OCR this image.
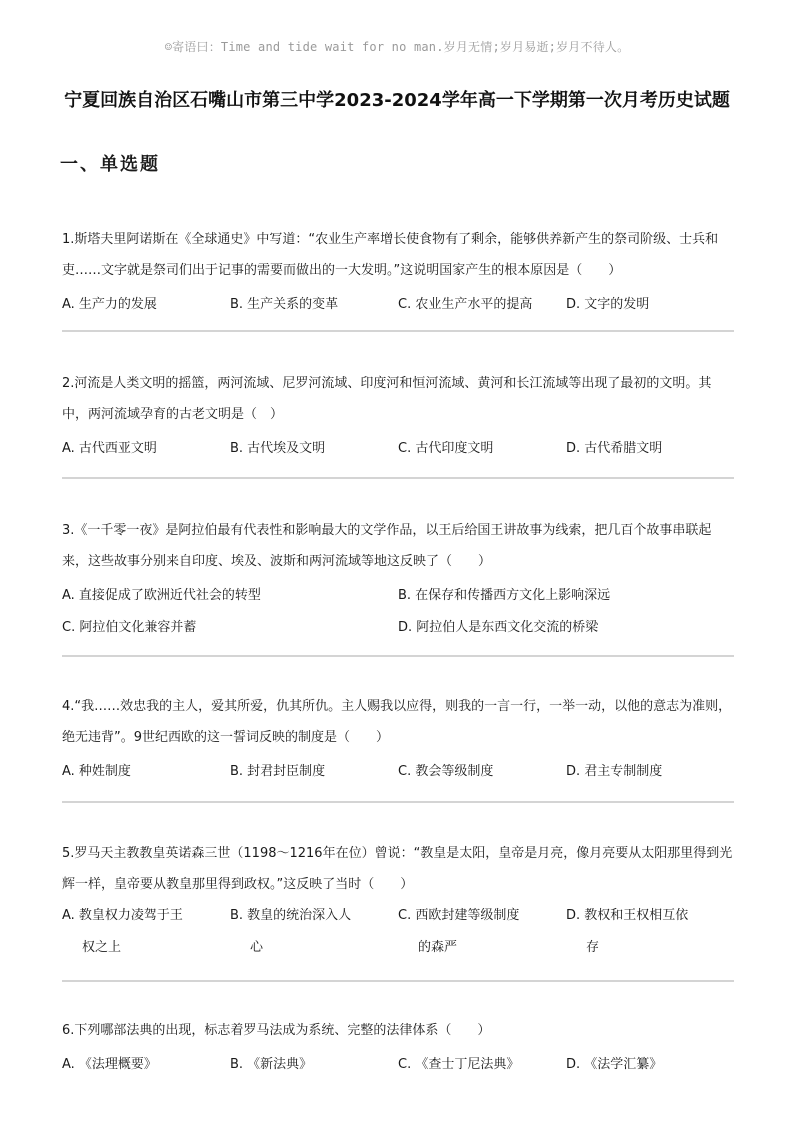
☺寄语曰：Time and tide wait for no man.岁月无情;岁月易逝;岁月不待人。
宁夏回族自治区石嘴山市第三中学2023-2024学年高一下学期第一次月考历史试题
一、单选题
1.斯塔夫里阿诺斯在《全球通史》中写道：“农业生产率增长使食物有了剩余，能够供养新产生的祭司阶级、士兵和吏……文字就是祭司们出于记事的需要而做出的一大发明。”这说明国家产生的根本原因是（　　）
A. 生产力的发展	B. 生产关系的变革	C. 农业生产水平的提高	D. 文字的发明
2.河流是人类文明的摇篮，两河流域、尼罗河流域、印度河和恒河流域、黄河和长江流域等出现了最初的文明。其中，两河流域孕育的古老文明是（　）
A. 古代西亚文明	B. 古代埃及文明	C. 古代印度文明	D. 古代希腊文明
3.《一千零一夜》是阿拉伯最有代表性和影响最大的文学作品，以王后给国王讲故事为线索，把几百个故事串联起来，这些故事分别来自印度、埃及、波斯和两河流域等地这反映了（　　）
A. 直接促成了欧洲近代社会的转型	B. 在保存和传播西方文化上影响深远
C. 阿拉伯文化兼容并蓄	D. 阿拉伯人是东西文化交流的桥梁
4.“我……效忠我的主人，爱其所爱，仇其所仇。主人赐我以应得，则我的一言一行，一举一动，以他的意志为准则，绝无违背”。9世纪西欧的这一誓词反映的制度是（　　）
A. 种姓制度	B. 封君封臣制度	C. 教会等级制度	D. 君主专制制度
5.罗马天主教教皇英诺森三世（1198～1216年在位）曾说：“教皇是太阳，皇帝是月亮，像月亮要从太阳那里得到光辉一样，皇帝要从教皇那里得到政权。”这反映了当时（　　）
A. 教皇权力凌驾于王
权之上
B. 教皇的统治深入人
心
C. 西欧封建等级制度
的森严
D. 教权和王权相互依
存
6.下列哪部法典的出现，标志着罗马法成为系统、完整的法律体系（　　）
A. 《法理概要》	B. 《新法典》	C. 《查士丁尼法典》	D. 《法学汇纂》
